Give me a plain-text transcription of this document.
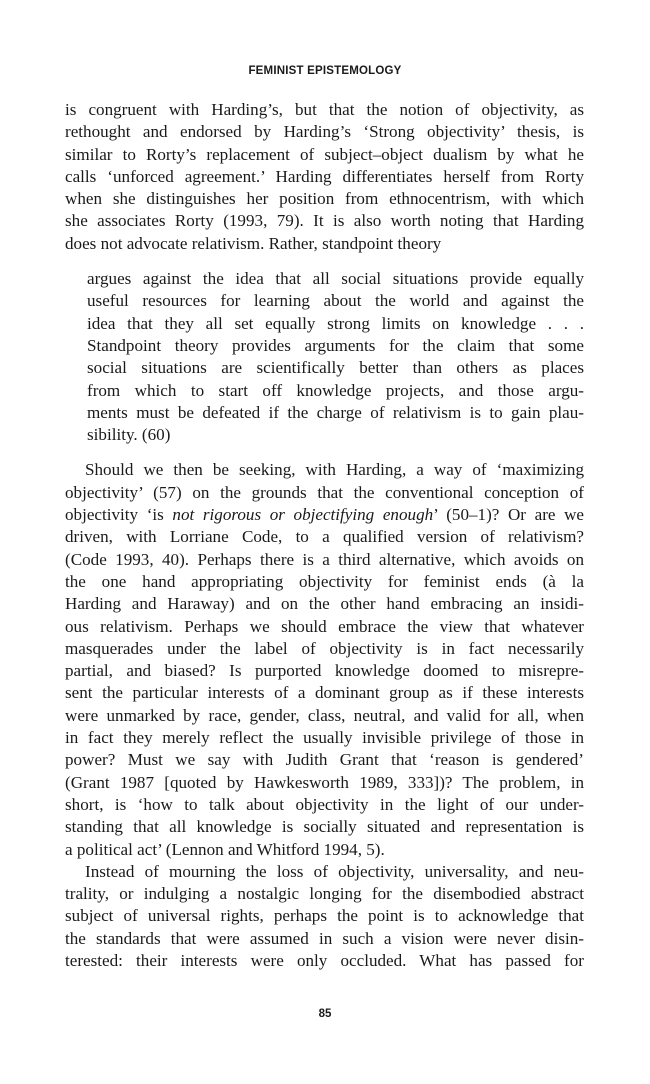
FEMINIST EPISTEMOLOGY
is congruent with Harding’s, but that the notion of objectivity, as
rethought and endorsed by Harding’s ‘Strong objectivity’ thesis, is
similar to Rorty’s replacement of subject–object dualism by what he
calls ‘unforced agreement.’ Harding differentiates herself from Rorty
when she distinguishes her position from ethnocentrism, with which
she associates Rorty (1993, 79). It is also worth noting that Harding
does not advocate relativism. Rather, standpoint theory
argues against the idea that all social situations provide equally
useful resources for learning about the world and against the
idea that they all set equally strong limits on knowledge . . .
Standpoint theory provides arguments for the claim that some
social situations are scientifically better than others as places
from which to start off knowledge projects, and those argu-
ments must be defeated if the charge of relativism is to gain plau-
sibility. (60)
Should we then be seeking, with Harding, a way of ‘maximizing
objectivity’ (57) on the grounds that the conventional conception of
objectivity ‘is not rigorous or objectifying enough’ (50–1)? Or are we
driven, with Lorriane Code, to a qualified version of relativism?
(Code 1993, 40). Perhaps there is a third alternative, which avoids on
the one hand appropriating objectivity for feminist ends (à la
Harding and Haraway) and on the other hand embracing an insidi-
ous relativism. Perhaps we should embrace the view that whatever
masquerades under the label of objectivity is in fact necessarily
partial, and biased? Is purported knowledge doomed to misrepre-
sent the particular interests of a dominant group as if these interests
were unmarked by race, gender, class, neutral, and valid for all, when
in fact they merely reflect the usually invisible privilege of those in
power? Must we say with Judith Grant that ‘reason is gendered’
(Grant 1987 [quoted by Hawkesworth 1989, 333])? The problem, in
short, is ‘how to talk about objectivity in the light of our under-
standing that all knowledge is socially situated and representation is
a political act’ (Lennon and Whitford 1994, 5).
Instead of mourning the loss of objectivity, universality, and neu-
trality, or indulging a nostalgic longing for the disembodied abstract
subject of universal rights, perhaps the point is to acknowledge that
the standards that were assumed in such a vision were never disin-
terested: their interests were only occluded. What has passed for
85
